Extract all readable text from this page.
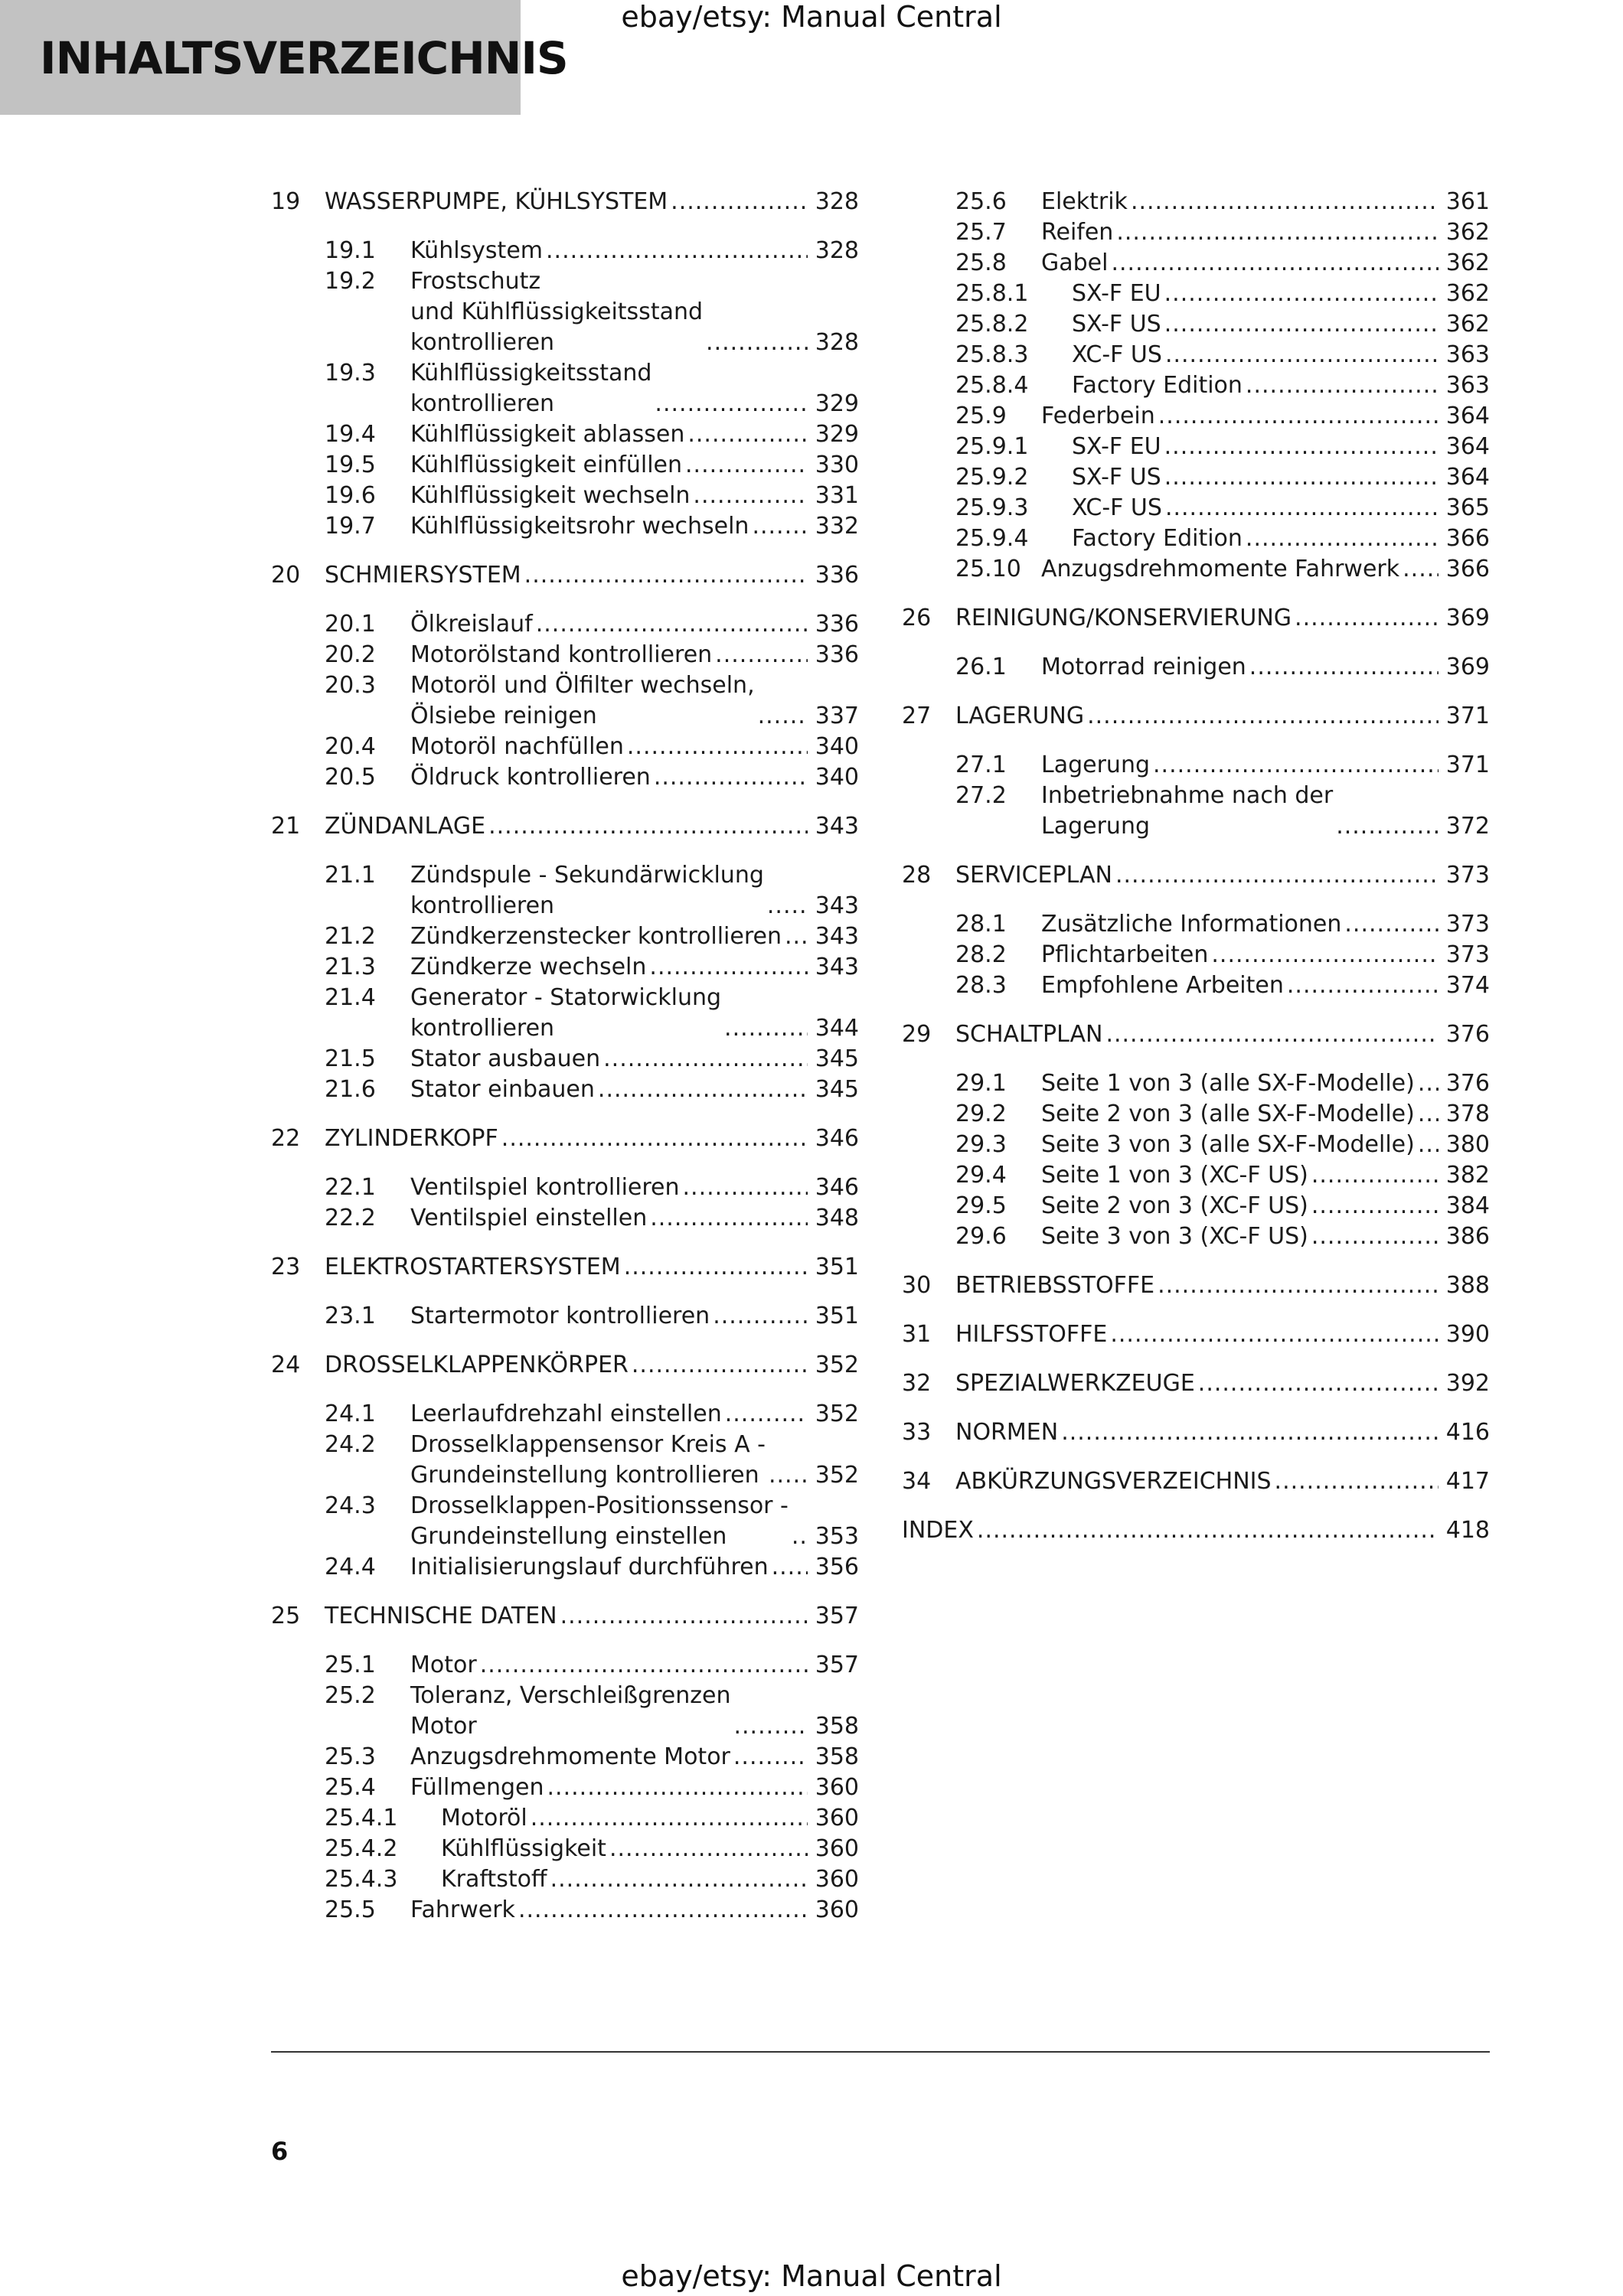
INHALTSVERZEICHNIS
ebay/etsy: Manual Central
19 WASSERPUMPE, KÜHLSYSTEM .....	328
19.1 Kühlsystem .....	328
19.2 Frostschutz
und Kühlflüssigkeitsstand
kontrollieren .....	328
19.3 Kühlflüssigkeitsstand
kontrollieren .....	329
19.4 Kühlflüssigkeit ablassen .....	329
19.5 Kühlflüssigkeit einfüllen .....	330
19.6 Kühlflüssigkeit wechseln .....	331
19.7 Kühlflüssigkeitsrohr wechseln .....	332
20 SCHMIERSYSTEM .....	336
20.1 Ölkreislauf .....	336
20.2 Motorölstand kontrollieren .....	336
20.3 Motoröl und Ölfilter wechseln,
Ölsiebe reinigen .....	337
20.4 Motoröl nachfüllen .....	340
20.5 Öldruck kontrollieren .....	340
21 ZÜNDANLAGE .....	343
21.1 Zündspule - Sekundärwicklung
kontrollieren .....	343
21.2 Zündkerzenstecker kontrollieren ..... 343
21.3 Zündkerze wechseln .....	343
21.4 Generator - Statorwicklung
kontrollieren .....	344
21.5 Stator ausbauen .....	345
21.6 Stator einbauen .....	345
22 ZYLINDERKOPF .....	346
22.1 Ventilspiel kontrollieren .....	346
22.2 Ventilspiel einstellen .....	348
23 ELEKTROSTARTERSYSTEM .....	351
23.1 Startermotor kontrollieren .....	351
24 DROSSELKLAPPENKÖRPER .....	352
24.1 Leerlaufdrehzahl einstellen .....	352
24.2 Drosselklappensensor Kreis A -
Grundeinstellung kontrollieren ..... 352
24.3 Drosselklappen-Positionssensor -
Grundeinstellung einstellen .....	353
24.4 Initialisierungslauf durchführen ..... 356
25 TECHNISCHE DATEN .....	357
25.1 Motor .....	357
25.2 Toleranz, Verschleißgrenzen
Motor .....	358
25.3 Anzugsdrehmomente Motor .....	358
25.4 Füllmengen .....	360
25.4.1 Motoröl .....	360
25.4.2 Kühlflüssigkeit .....	360
25.4.3 Kraftstoff .....	360
25.5 Fahrwerk .....	360
25.6 Elektrik .....	361
25.7 Reifen .....	362
25.8 Gabel .....	362
25.8.1 SX-F EU .....	362
25.8.2 SX-F US .....	362
25.8.3 XC-F US .....	363
25.8.4 Factory Edition .....	363
25.9 Federbein .....	364
25.9.1 SX-F EU .....	364
25.9.2 SX-F US .....	364
25.9.3 XC-F US .....	365
25.9.4 Factory Edition .....	366
25.10 Anzugsdrehmomente Fahrwerk ..... 366
26 REINIGUNG/KONSERVIERUNG .....	369
26.1 Motorrad reinigen .....	369
27 LAGERUNG .....	371
27.1 Lagerung .....	371
27.2 Inbetriebnahme nach der
Lagerung .....	372
28 SERVICEPLAN .....	373
28.1 Zusätzliche Informationen .....	373
28.2 Pflichtarbeiten .....	373
28.3 Empfohlene Arbeiten .....	374
29 SCHALTPLAN .....	376
29.1 Seite 1 von 3 (alle SX-F-Modelle) ..... 376
29.2 Seite 2 von 3 (alle SX-F-Modelle) ..... 378
29.3 Seite 3 von 3 (alle SX-F-Modelle) ..... 380
29.4 Seite 1 von 3 (XC-F US) .....	382
29.5 Seite 2 von 3 (XC-F US) .....	384
29.6 Seite 3 von 3 (XC-F US) .....	386
30 BETRIEBSSTOFFE .....	388
31 HILFSSTOFFE .....	390
32 SPEZIALWERKZEUGE .....	392
33 NORMEN .....	416
34 ABKÜRZUNGSVERZEICHNIS .....	417
INDEX .....	418
6
ebay/etsy: Manual Central
